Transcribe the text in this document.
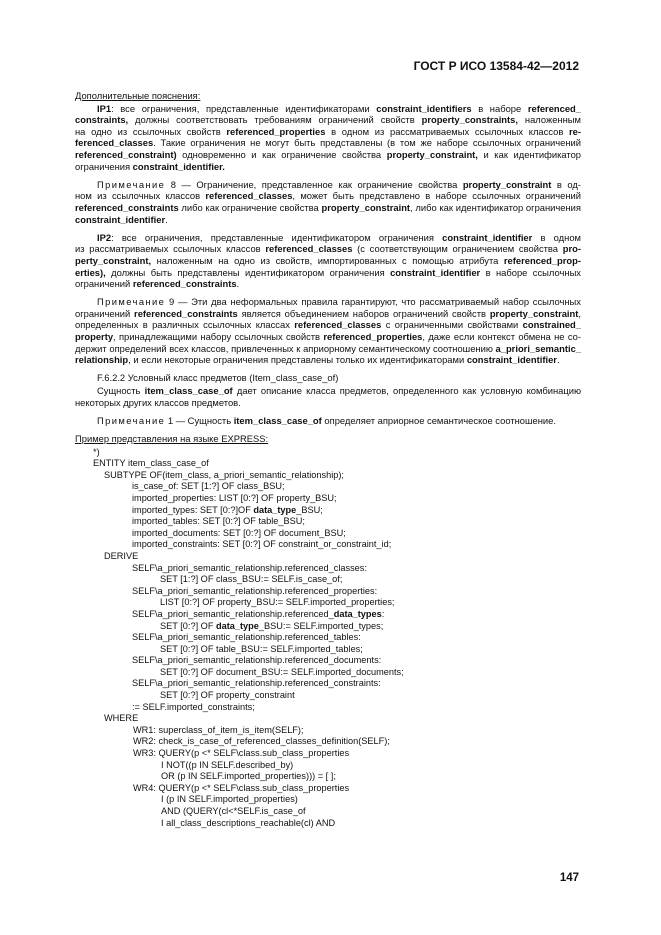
ГОСТ Р ИСО 13584-42—2012
Дополнительные пояснения:
IP1: все ограничения, представленные идентификаторами constraint_identifiers в наборе referenced_
constraints, должны соответствовать требованиям ограничений свойств property_constraints, наложенным
на одно из ссылочных свойств referenced_properties в одном из рассматриваемых ссылочных классов re-
ferenced_classes. Такие ограничения не могут быть представлены (в том же наборе ссылочных ограничений
referenced_constraint) одновременно и как ограничение свойства property_constraint, и как идентификатор
ограничения constraint_identifier.
Примечание 8 — Ограничение, представленное как ограничение свойства property_constraint в од-
ном из ссылочных классов referenced_classes, может быть представлено в наборе ссылочных ограничений
referenced_constraints либо как ограничение свойства property_constraint, либо как идентификатор ограничения
constraint_identifier.
IP2: все ограничения, представленные идентификатором ограничения constraint_identifier в одном
из рассматриваемых ссылочных классов referenced_classes (с соответствующим ограничением свойства pro-
perty_constraint, наложенным на одно из свойств, импортированных с помощью атрибута referenced_prop-
erties), должны быть представлены идентификатором ограничения constraint_identifier в наборе ссылочных
ограничений referenced_constraints.
Примечание 9 — Эти два неформальных правила гарантируют, что рассматриваемый набор ссылочных
ограничений referenced_constraints является объединением наборов ограничений свойств property_constraint,
определенных в различных ссылочных классах referenced_classes с ограниченными свойствами constrained_
property, принадлежащими набору ссылочных свойств referenced_properties, даже если контекст обмена не со-
держит определений всех классов, привлеченных к априорному семантическому соотношению a_priori_semantic_
relationship, и если некоторые ограничения представлены только их идентификаторами constraint_identifier.
F.6.2.2 Условный класс предметов (Item_class_case_of)
Сущность item_class_case_of дает описание класса предметов, определенного как условную комбинацию
некоторых других классов предметов.
Примечание 1 — Сущность item_class_case_of определяет априорное семантическое соотношение.
Пример представления на языке EXPRESS:
*)
ENTITY item_class_case_of
SUBTYPE OF(item_class, a_priori_semantic_relationship);
is_case_of: SET [1:?] OF class_BSU;
imported_properties: LIST [0:?] OF property_BSU;
imported_types: SET [0:?]OF data_type_BSU;
imported_tables: SET [0:?] OF table_BSU;
imported_documents: SET [0:?] OF document_BSU;
imported_constraints: SET [0:?] OF constraint_or_constraint_id;
DERIVE
SELF\a_priori_semantic_relationship.referenced_classes:
SET [1:?] OF class_BSU:= SELF.is_case_of;
SELF\a_priori_semantic_relationship.referenced_properties:
LIST [0:?] OF property_BSU:= SELF.imported_properties;
SELF\a_priori_semantic_relationship.referenced_data_types:
SET [0:?] OF data_type_BSU:= SELF.imported_types;
SELF\a_priori_semantic_relationship.referenced_tables:
SET [0:?] OF table_BSU:= SELF.imported_tables;
SELF\a_priori_semantic_relationship.referenced_documents:
SET [0:?] OF document_BSU:= SELF.imported_documents;
SELF\a_priori_semantic_relationship.referenced_constraints:
SET [0:?] OF property_constraint
:= SELF.imported_constraints;
WHERE
WR1: superclass_of_item_is_item(SELF);
WR2: check_is_case_of_referenced_classes_definition(SELF);
WR3: QUERY(p <* SELF\class.sub_class_properties
I NOT((p IN SELF.described_by)
OR (p IN SELF.imported_properties))) = [ ];
WR4: QUERY(p <* SELF\class.sub_class_properties
I (p IN SELF.imported_properties)
AND (QUERY(cl<*SELF.is_case_of
I all_class_descriptions_reachable(cl) AND
147
